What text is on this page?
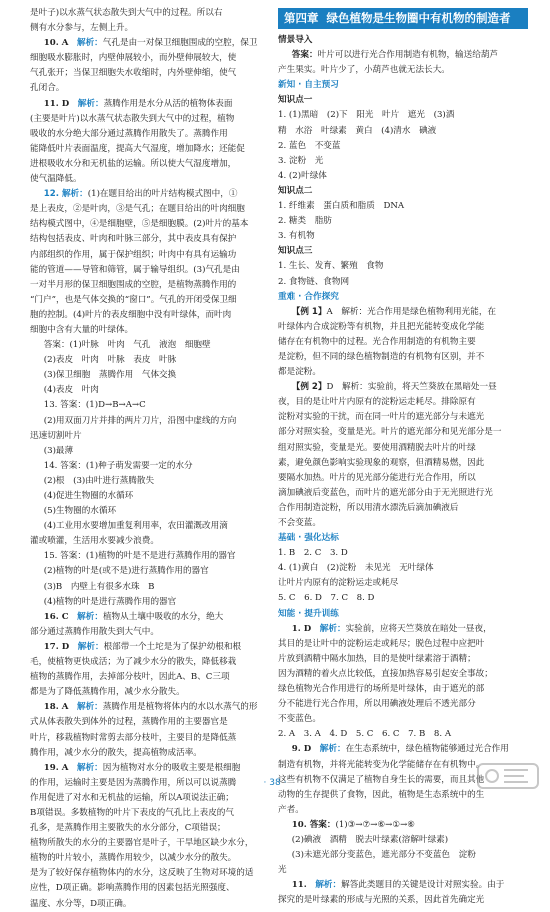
是叶子)以水蒸气状态散失到大气中的过程。所以右

侧有水分参与，左侧上升。

10. A　 解析：气孔是由一对保卫细胞围成的空腔，保卫

细胞吸水膨胀时，内壁伸展较小，而外壁伸展较大，使

气孔张开；当保卫细胞失水收缩时，内外壁伸缩，使气

孔闭合。

11. D　 解析：蒸腾作用是水分从活的植物体表面

(主要是叶片)以水蒸气状态散失到大气中的过程，植物

吸收的水分绝大部分通过蒸腾作用散失了。蒸腾作用

能降低叶片表面温度，提高大气湿度，增加降水；还能促

进根吸收水分和无机盐的运输。所以使大气湿度增加，

使气温降低。

12. 解析：(1)在题目给出的叶片结构模式图中，①

是上表皮，②是叶肉，③是气孔；在题目给出的叶肉细胞

结构模式图中，④是细胞壁，⑤是细胞膜。(2)叶片的基本

结构包括表皮、叶肉和叶脉三部分，其中表皮具有保护

内部组织的作用，属于保护组织；叶肉中有具有运输功

能的管道——导管和筛管，属于输导组织。(3)气孔是由

一对半月形的保卫细胞围成的空腔，是植物蒸腾作用的

“门户”，也是气体交换的“窗口”。气孔的开闭受保卫细

胞的控制。(4)叶片的表皮细胞中没有叶绿体，而叶肉

细胞中含有大量的叶绿体。

答案：(1)叶脉　叶肉　气孔　液泡　细胞壁

(2)表皮　叶肉　叶脉　表皮　叶脉

(3)保卫细胞　蒸腾作用　气体交换

(4)表皮　叶肉

13. 答案：(1)D→B→A→C

(2)用双面刀片并排的两片刀片，沿图中虚线的方向

迅速切割叶片

(3)最薄

14. 答案：(1)种子萌发需要一定的水分

(2)根　(3)由叶进行蒸腾散失

(4)促进生物圈的水循环

(5)生物圈的水循环

(4)工业用水要增加重复利用率，农田灌溉改用滴

灌或喷灌，生活用水要减少浪费。

15. 答案：(1)植物的叶是不是进行蒸腾作用的器官

(2)植物的叶是(或不是)进行蒸腾作用的器官

(3)B　内壁上有很多水珠　B

(4)植物的叶是进行蒸腾作用的器官

16. C　 解析：植物从土壤中吸收的水分，绝大

部分通过蒸腾作用散失到大气中。

17. D　 解析：根部带一个土坨是为了保护幼根和根

毛，使植物更快成活；为了减少水分的散失，降低移栽

植物的蒸腾作用，去掉部分枝叶，因此A、B、C三项

都是为了降低蒸腾作用，减少水分散失。

18. A　 解析：蒸腾作用是植物将体内的水以水蒸气的形

式从体表散失到体外的过程，蒸腾作用的主要器官是

叶片，移栽植物时常剪去部分枝叶，主要目的是降低蒸

腾作用，减少水分的散失，提高植物成活率。

19. A　 解析：因为植物对水分的吸收主要是根细胞

的作用，运输时主要是因为蒸腾作用，所以可以说蒸腾

作用促进了对水和无机盐的运输，所以A项说法正确；

B项错误。多数植物的叶片下表皮的气孔比上表皮的气

孔多，是蒸腾作用主要散失的水分部分，C项错误；

植物所散失的水分的主要器官是叶子，干旱地区缺少水分，

植物的叶片较小，蒸腾作用较少，以减少水分的散失。

是为了较好保存植物体内的水分，这反映了生物对环境的适

应性，D项正确。影响蒸腾作用的因素包括光照强度、

温度、水分等，D项正确。

第四章 绿色植物是生物圈中有机物的制造者

情景导入

答案：叶片可以进行光合作用制造有机物，输送给葫芦

产生果实。叶片少了，小葫芦也就无法长大。

新知 · 自主预习

知识点一

1. (1)黑暗　(2)下　阳光　叶片　遮光　(3)酒

精　水浴　叶绿素　黄白　(4)清水　碘液

2. 蓝色　不变蓝

3. 淀粉　光

4. (2)叶绿体

知识点二

1. 纤维素　蛋白质和脂质　DNA

2. 糖类　脂肪

3. 有机物

知识点三

1. 生长、发育、繁殖　食物

2. 食物链、食物网

重难 · 合作探究

【例 1】A　解析：光合作用是绿色植物利用光能，在

叶绿体内合成淀粉等有机物，并且把光能转变成化学能

储存在有机物中的过程。光合作用制造的有机物主要

是淀粉，但不同的绿色植物制造的有机物有区别，并不

都是淀粉。

【例 2】D　解析：实验前，将天竺葵放在黑暗处一昼

夜，目的是让叶片内原有的淀粉运走耗尽。排除原有

淀粉对实验的干扰，而在同一叶片的遮光部分与未遮光

部分对照实验，变量是光。叶片的遮光部分和见光部分是一

组对照实验，变量是光。要使用酒精脱去叶片的叶绿

素，避免颜色影响实验现象的观察，但酒精易燃，因此

要隔水加热。叶片的见光部分能进行光合作用，所以

滴加碘液后变蓝色，而叶片的遮光部分由于无光照进行光

合作用制造淀粉，所以用清水漂洗后滴加碘液后

不会变蓝。

基础 · 强化达标

1. B　2. C　3. D

4. (1)黄白　(2)淀粉　未见光　无叶绿体

让叶片内原有的淀粉运走或耗尽

5. C　6. D　7. C　8. D

知能 · 提升训练

1. D　 解析：实验前，应将天竺葵放在暗处一昼夜，

其目的是让叶中的淀粉运走或耗尽；脱色过程中应把叶

片放到酒精中隔水加热，目的是使叶绿素溶于酒精；

因为酒精的着火点比较低，直接加热容易引起安全事故；

绿色植物光合作用进行的场所是叶绿体，由于遮光的部

分不能进行光合作用，所以用碘液处理后不透光部分

不变蓝色。

2. A　3. A　4. D　5. C　6. C　7. B　8. A

9. D　 解析：在生态系统中，绿色植物能够通过光合作用

制造有机物，并将光能转变为化学能储存在有机物中。

这些有机物不仅满足了植物自身生长的需要，而且其他

动物的生存提供了食物，因此，植物是生态系统中的生

产者。

10. 答案：(1)③→⑦→⑥→①→⑥

(2)碘液　酒精　脱去叶绿素(溶解叶绿素)

(3)未遮光部分变蓝色，遮光部分不变蓝色　淀粉

光

11.　 解析：解答此类题目的关键是设计对照实验。由于

探究的是叶绿素的形成与光照的关系，因此首先确定光

· 38 ·
